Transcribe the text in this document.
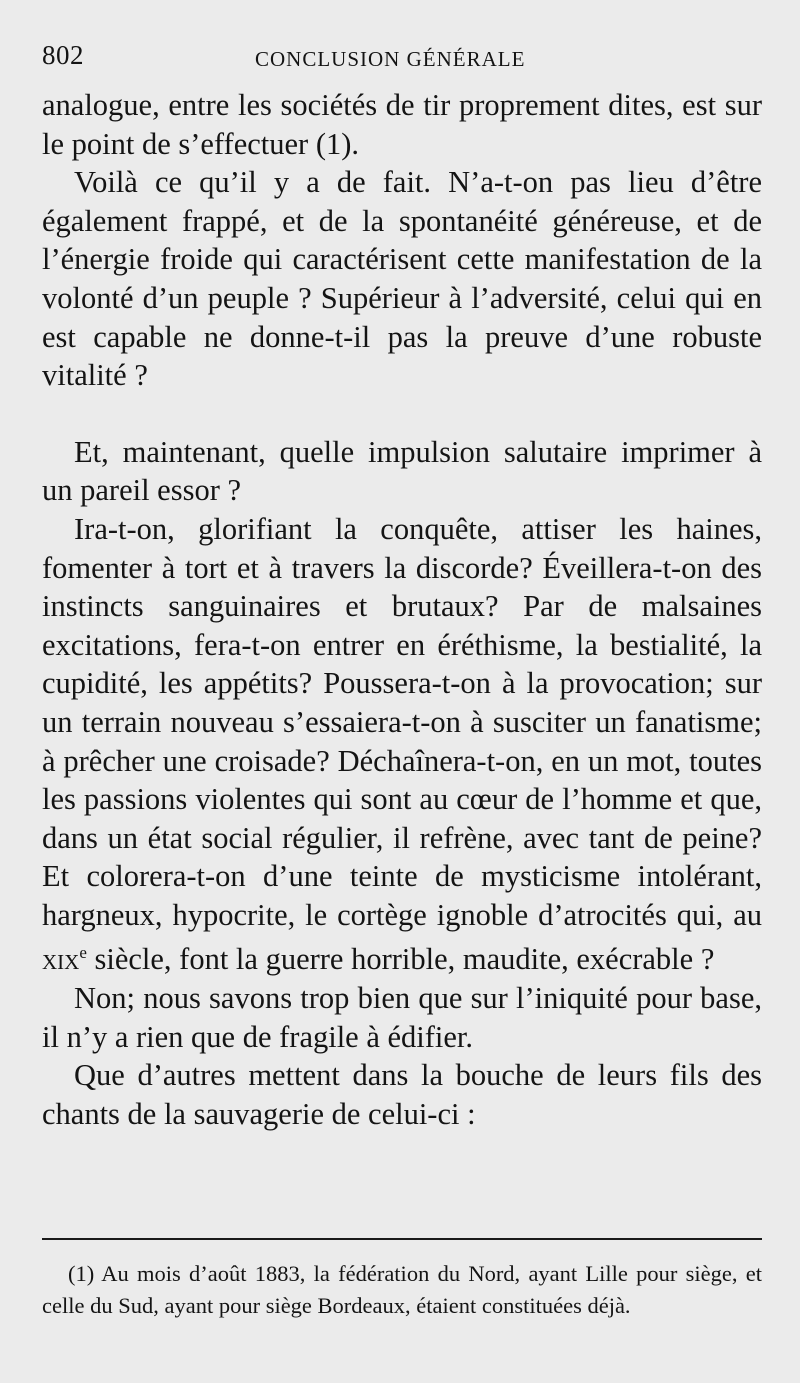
802	CONCLUSION GÉNÉRALE

analogue, entre les sociétés de tir proprement dites, est sur le point de s’effectuer (1).

Voilà ce qu’il y a de fait. N’a-t-on pas lieu d’être également frappé, et de la spontanéité généreuse, et de l’énergie froide qui caractérisent cette manifestation de la volonté d’un peuple ? Supérieur à l’adversité, celui qui en est capable ne donne-t-il pas la preuve d’une robuste vitalité ?

Et, maintenant, quelle impulsion salutaire imprimer à un pareil essor ?

Ira-t-on, glorifiant la conquête, attiser les haines, fomenter à tort et à travers la discorde? Éveillera-t-on des instincts sanguinaires et brutaux? Par de malsaines excitations, fera-t-on entrer en éréthisme, la bestialité, la cupidité, les appétits? Poussera-t-on à la provocation; sur un terrain nouveau s’essaiera-t-on à susciter un fanatisme; à prêcher une croisade? Déchaînera-t-on, en un mot, toutes les passions violentes qui sont au cœur de l’homme et que, dans un état social régulier, il refrène, avec tant de peine? Et colorera-t-on d’une teinte de mysticisme intolérant, hargneux, hypocrite, le cortège ignoble d’atrocités qui, au xix$^e$ siècle, font la guerre horrible, maudite, exécrable ?

Non; nous savons trop bien que sur l’iniquité pour base, il n’y a rien que de fragile à édifier.

Que d’autres mettent dans la bouche de leurs fils des chants de la sauvagerie de celui-ci :

(1) Au mois d’août 1883, la fédération du Nord, ayant Lille pour siège, et celle du Sud, ayant pour siège Bordeaux, étaient constituées déjà.
